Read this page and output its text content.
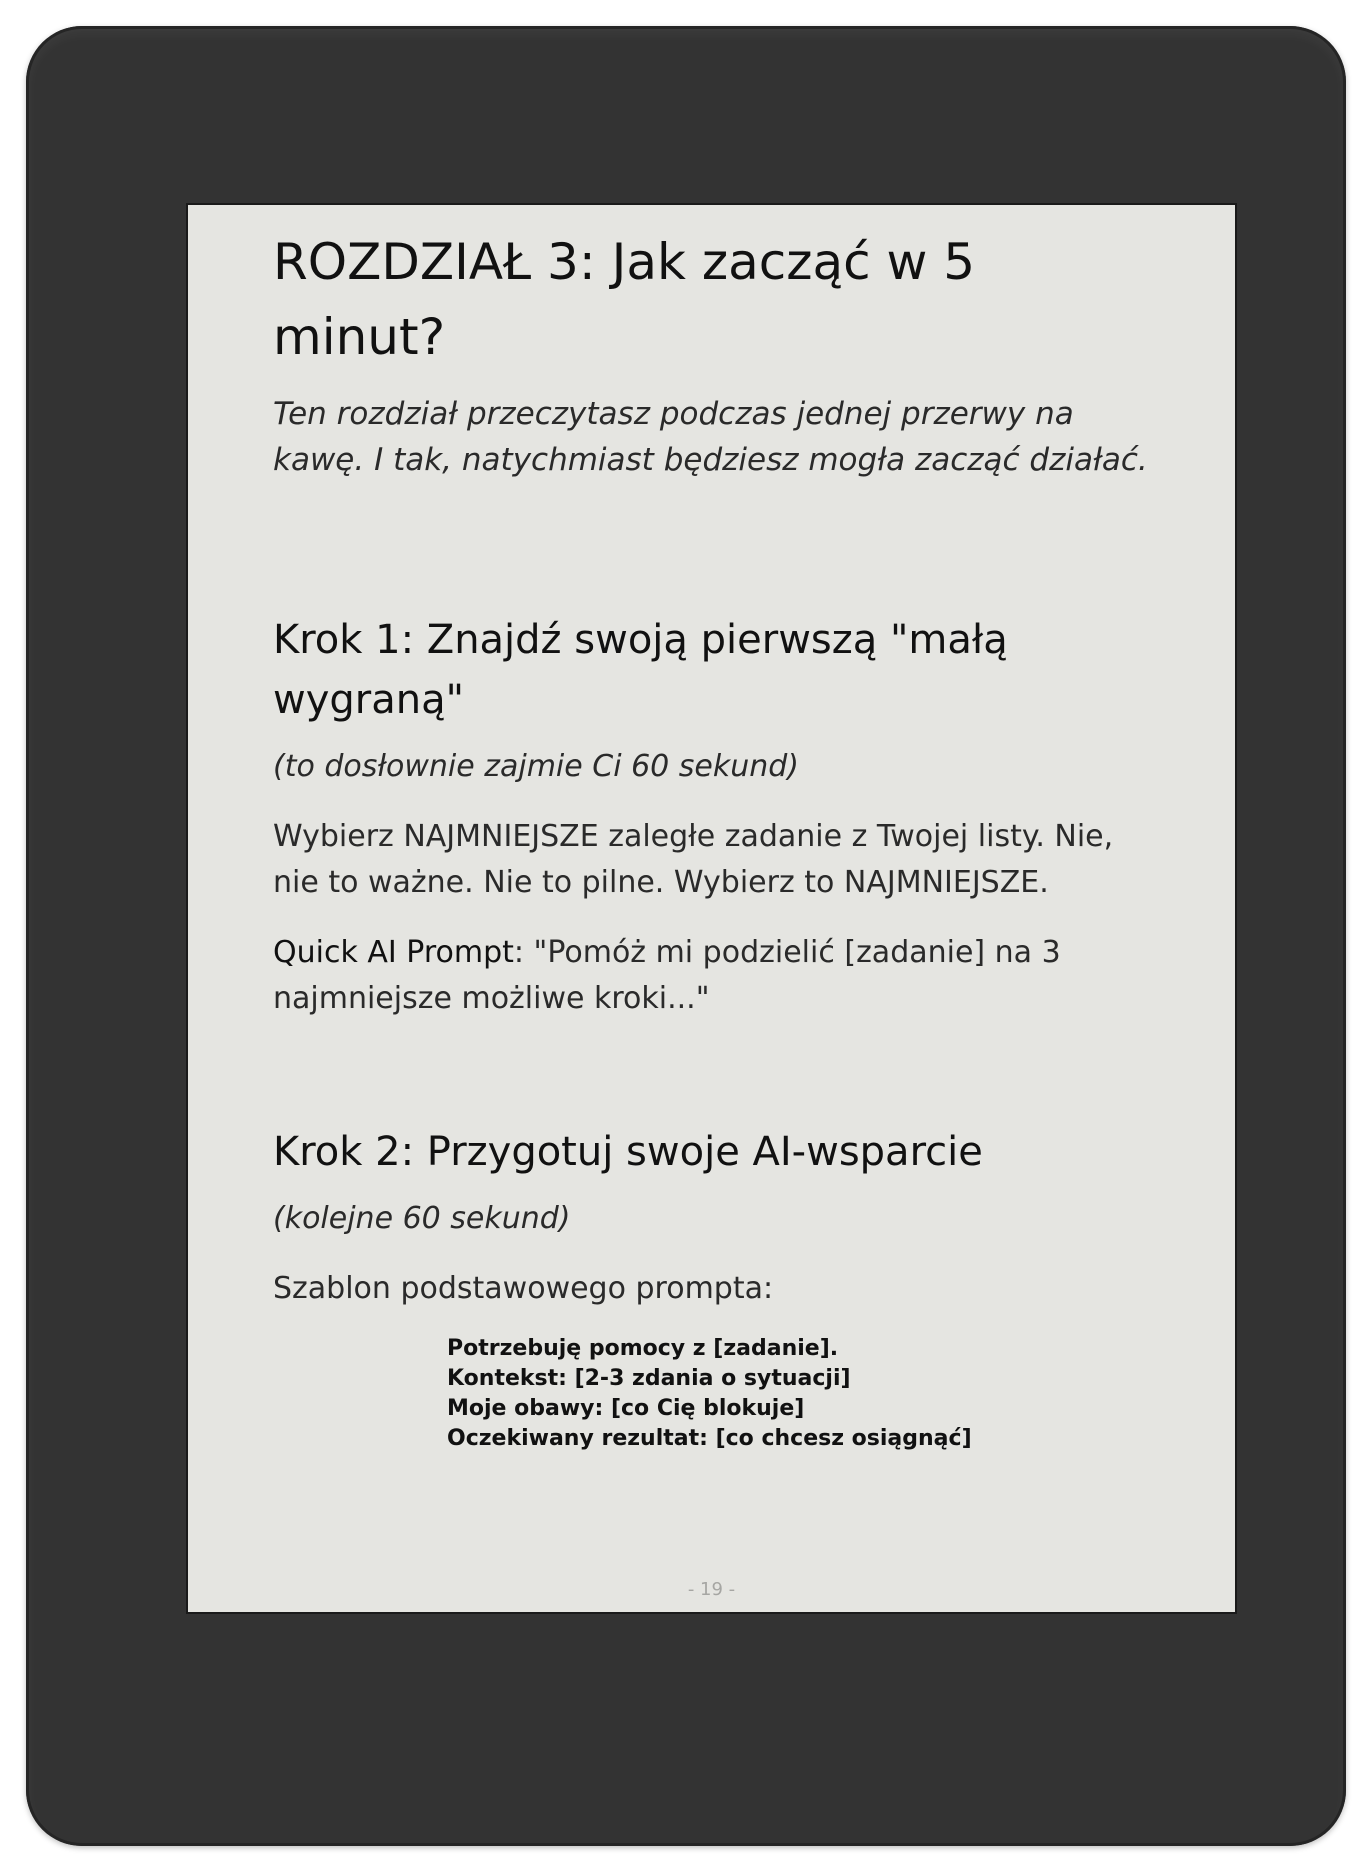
ROZDZIAŁ 3: Jak zacząć w 5 minut?

Ten rozdział przeczytasz podczas jednej przerwy na kawę. I tak, natychmiast będziesz mogła zacząć działać.

Krok 1: Znajdź swoją pierwszą "małą wygraną"

(to dosłownie zajmie Ci 60 sekund)

Wybierz NAJMNIEJSZE zaległe zadanie z Twojej listy. Nie, nie to ważne. Nie to pilne. Wybierz to NAJMNIEJSZE.

Quick AI Prompt: "Pomóż mi podzielić [zadanie] na 3 najmniejsze możliwe kroki..."

Krok 2: Przygotuj swoje AI-wsparcie

(kolejne 60 sekund)

Szablon podstawowego prompta:

Potrzebuję pomocy z [zadanie].
Kontekst: [2-3 zdania o sytuacji]
Moje obawy: [co Cię blokuje]
Oczekiwany rezultat: [co chcesz osiągnąć]
- 19 -
